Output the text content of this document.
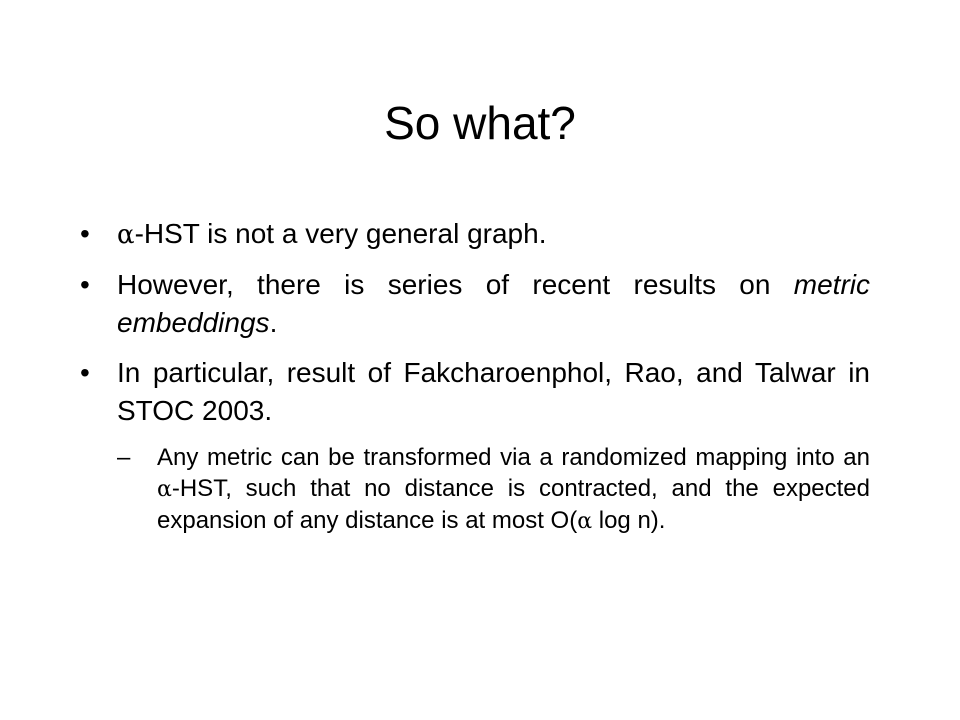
So what?
• α-HST is not a very general graph.
• However, there is series of recent results on metric embeddings.
• In particular, result of Fakcharoenphol, Rao, and Talwar in STOC 2003.
– Any metric can be transformed via a randomized mapping into an α-HST, such that no distance is contracted, and the expected expansion of any distance is at most O(α log n).
